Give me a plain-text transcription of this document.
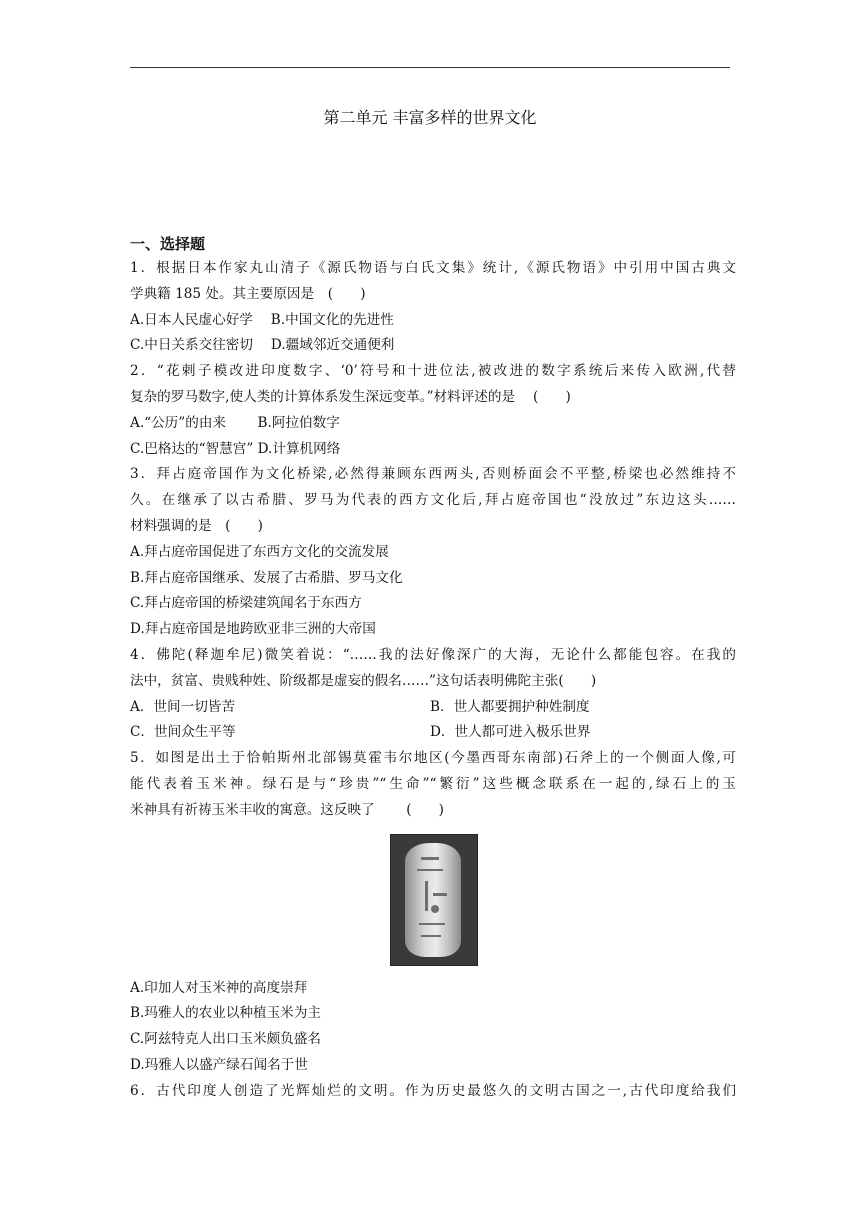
第二单元 丰富多样的世界文化
一、选择题
1．根据日本作家丸山清子《源氏物语与白氏文集》统计,《源氏物语》中引用中国古典文
学典籍 185 处。其主要原因是　(　　)
A.日本人民虚心好学　 B.中国文化的先进性
C.中日关系交往密切　 D.疆域邻近交通便利
2．“花剌子模改进印度数字、‘0’符号和十进位法,被改进的数字系统后来传入欧洲,代替
复杂的罗马数字,使人类的计算体系发生深远变革。”材料评述的是　 (　　)
A.“公历”的由来　　 B.阿拉伯数字
C.巴格达的“智慧宫” D.计算机网络
3．拜占庭帝国作为文化桥梁,必然得兼顾东西两头,否则桥面会不平整,桥梁也必然维持不
久。在继承了以古希腊、罗马为代表的西方文化后,拜占庭帝国也“没放过”东边这头……
材料强调的是　(　　)
A.拜占庭帝国促进了东西方文化的交流发展
B.拜占庭帝国继承、发展了古希腊、罗马文化
C.拜占庭帝国的桥梁建筑闻名于东西方
D.拜占庭帝国是地跨欧亚非三洲的大帝国
4．佛陀(释迦牟尼)微笑着说：“……我的法好像深广的大海，无论什么都能包容。在我的
法中，贫富、贵贱种姓、阶级都是虚妄的假名……”这句话表明佛陀主张(　　)
A．世间一切皆苦	B．世人都要拥护种姓制度
C．世间众生平等	D．世人都可进入极乐世界
5．如图是出土于恰帕斯州北部锡莫霍韦尔地区(今墨西哥东南部)石斧上的一个侧面人像,可
能代表着玉米神。绿石是与“珍贵”“生命”“繁衍”这些概念联系在一起的,绿石上的玉
米神具有祈祷玉米丰收的寓意。这反映了　　 (　　)
A.印加人对玉米神的高度崇拜
B.玛雅人的农业以种植玉米为主
C.阿兹特克人出口玉米颇负盛名
D.玛雅人以盛产绿石闻名于世
6．古代印度人创造了光辉灿烂的文明。作为历史最悠久的文明古国之一,古代印度给我们
